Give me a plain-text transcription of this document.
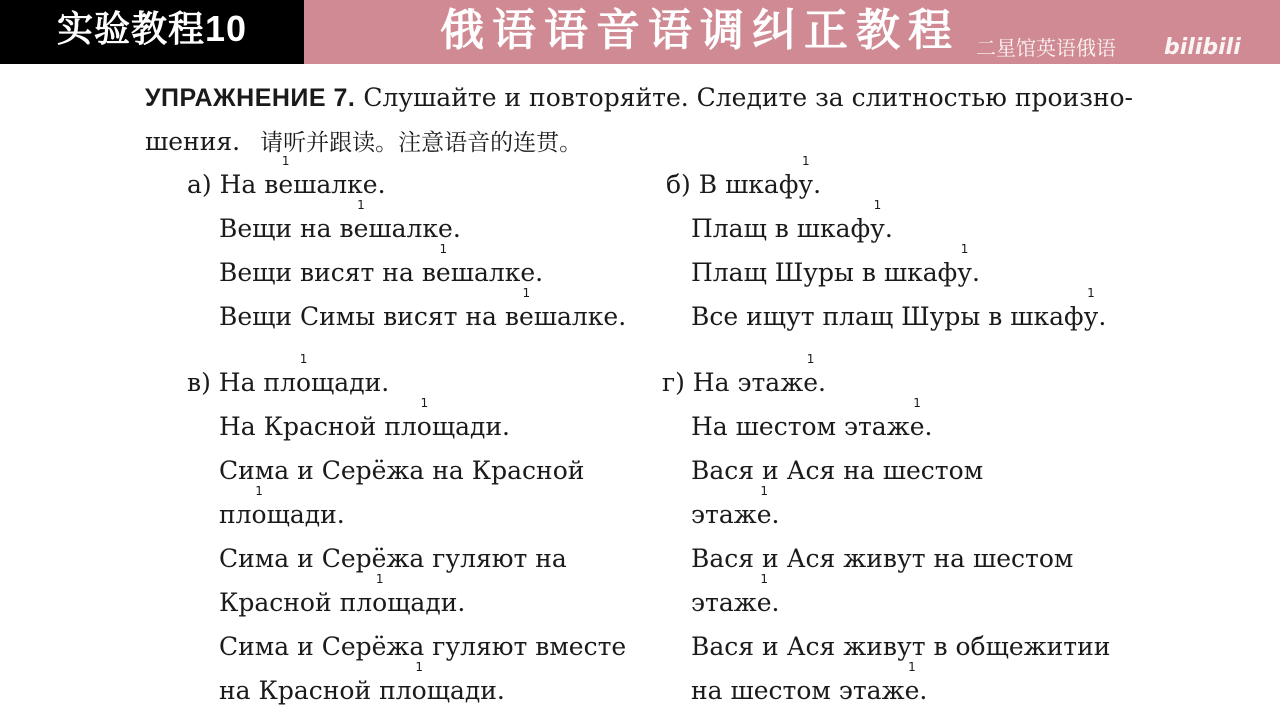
实验教程10	俄语语音语调纠正教程 二星馆英语俄语 bilibili
УПРАЖНЕНИЕ 7. Слушайте и повторяйте. Следите за слитностью произно-
шения. 请听并跟读。注意语音的连贯。
а) На в1 ешалке.
Вещи на в1 ешалке.
Вещи висят на в1 ешалке.
Вещи Симы висят на в1 ешалке.
б) В шкаф1 у.
Плащ в шкаф1 у.
Плащ Шуры в шкаф1 у.
Все ищут плащ Шуры в шкаф1 у.
в) На пл1 ощади.
На Красной пл1 ощади.
Сима и Серёжа на Красной
пл1 ощади.
Сима и Серёжа гуляют на
Красной пл1 ощади.
Сима и Серёжа гуляют вместе
на Красной пл1 ощади.
г) На этаж1 е.
На шестом этаж1 е.
Вася и Ася на шестом
этаж1 е.
Вася и Ася живут на шестом
этаж1 е.
Вася и Ася живут в общежитии
на шестом этаж1 е.
